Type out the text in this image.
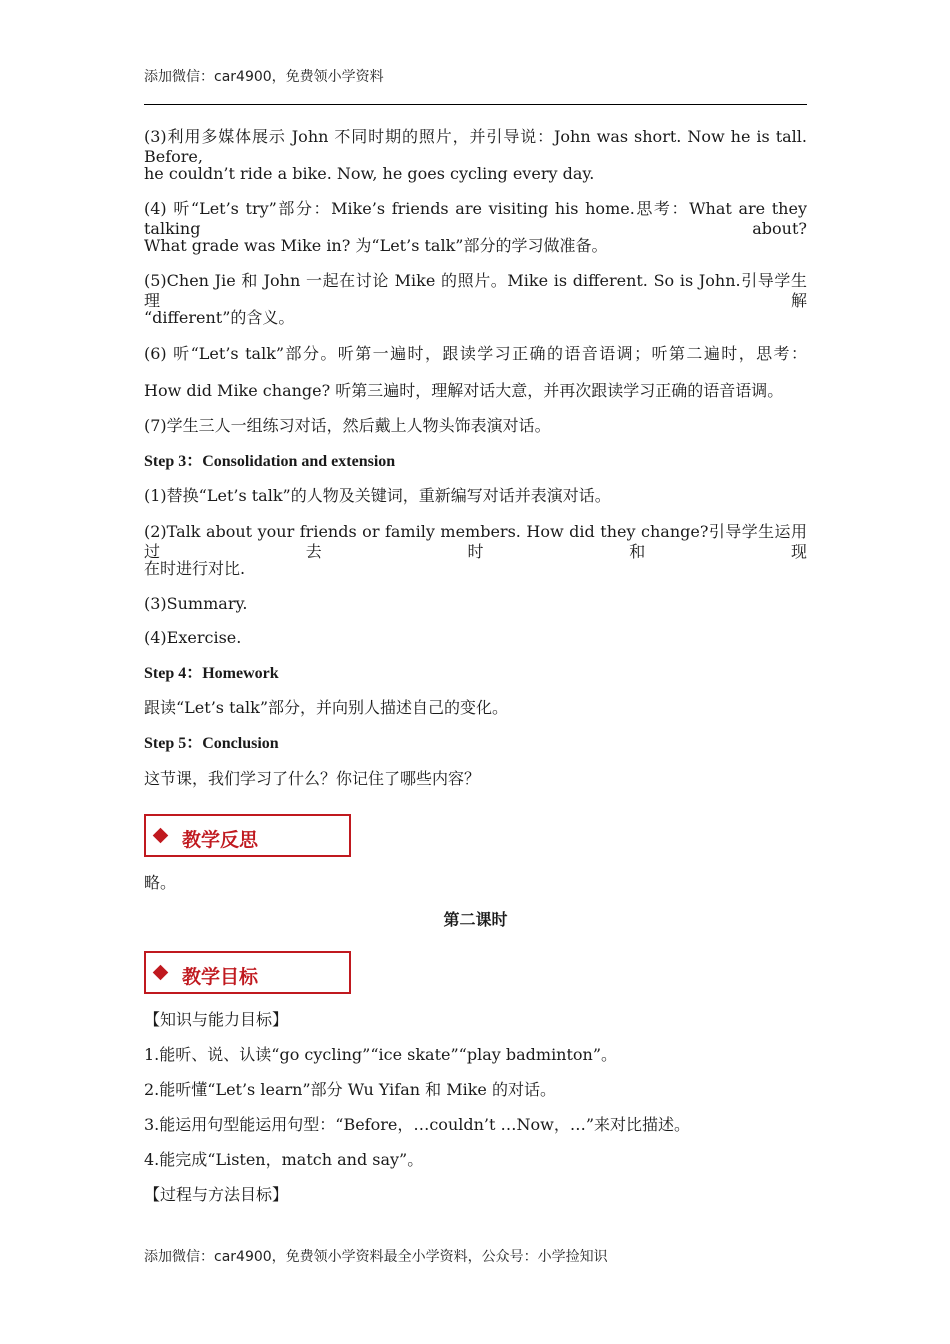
添加微信：car4900，免费领小学资料
(3)利用多媒体展示 John 不同时期的照片，并引导说：John was short. Now he is tall. Before,
he couldn’t ride a bike. Now, he goes cycling every day.
(4) 听“Let’s try”部分：Mike’s friends are visiting his home.思考：What are they talking about?
What grade was Mike in? 为“Let’s talk”部分的学习做准备。
(5)Chen Jie 和 John 一起在讨论 Mike 的照片。Mike is different. So is John.引导学生理解
“different”的含义。
(6) 听“Let’s talk”部分。听第一遍时，跟读学习正确的语音语调；听第二遍时，思考：
How did Mike change? 听第三遍时，理解对话大意，并再次跟读学习正确的语音语调。
(7)学生三人一组练习对话，然后戴上人物头饰表演对话。
Step 3：Consolidation and extension
(1)替换“Let’s talk”的人物及关键词，重新编写对话并表演对话。
(2)Talk about your friends or family members. How did they change?引导学生运用过去时和现
在时进行对比.
(3)Summary.
(4)Exercise.
Step 4：Homework
跟读“Let’s talk”部分，并向别人描述自己的变化。
Step 5：Conclusion
这节课，我们学习了什么？你记住了哪些内容？
教学反思
略。
第二课时
教学目标
【知识与能力目标】
1.能听、说、认读“go cycling”“ice skate”“play badminton”。
2.能听懂“Let’s learn”部分 Wu Yifan 和 Mike 的对话。
3.能运用句型能运用句型：“Before，…couldn’t …Now，…”来对比描述。
4.能完成“Listen，match and say”。
【过程与方法目标】
添加微信：car4900，免费领小学资料最全小学资料，公众号：小学捡知识
